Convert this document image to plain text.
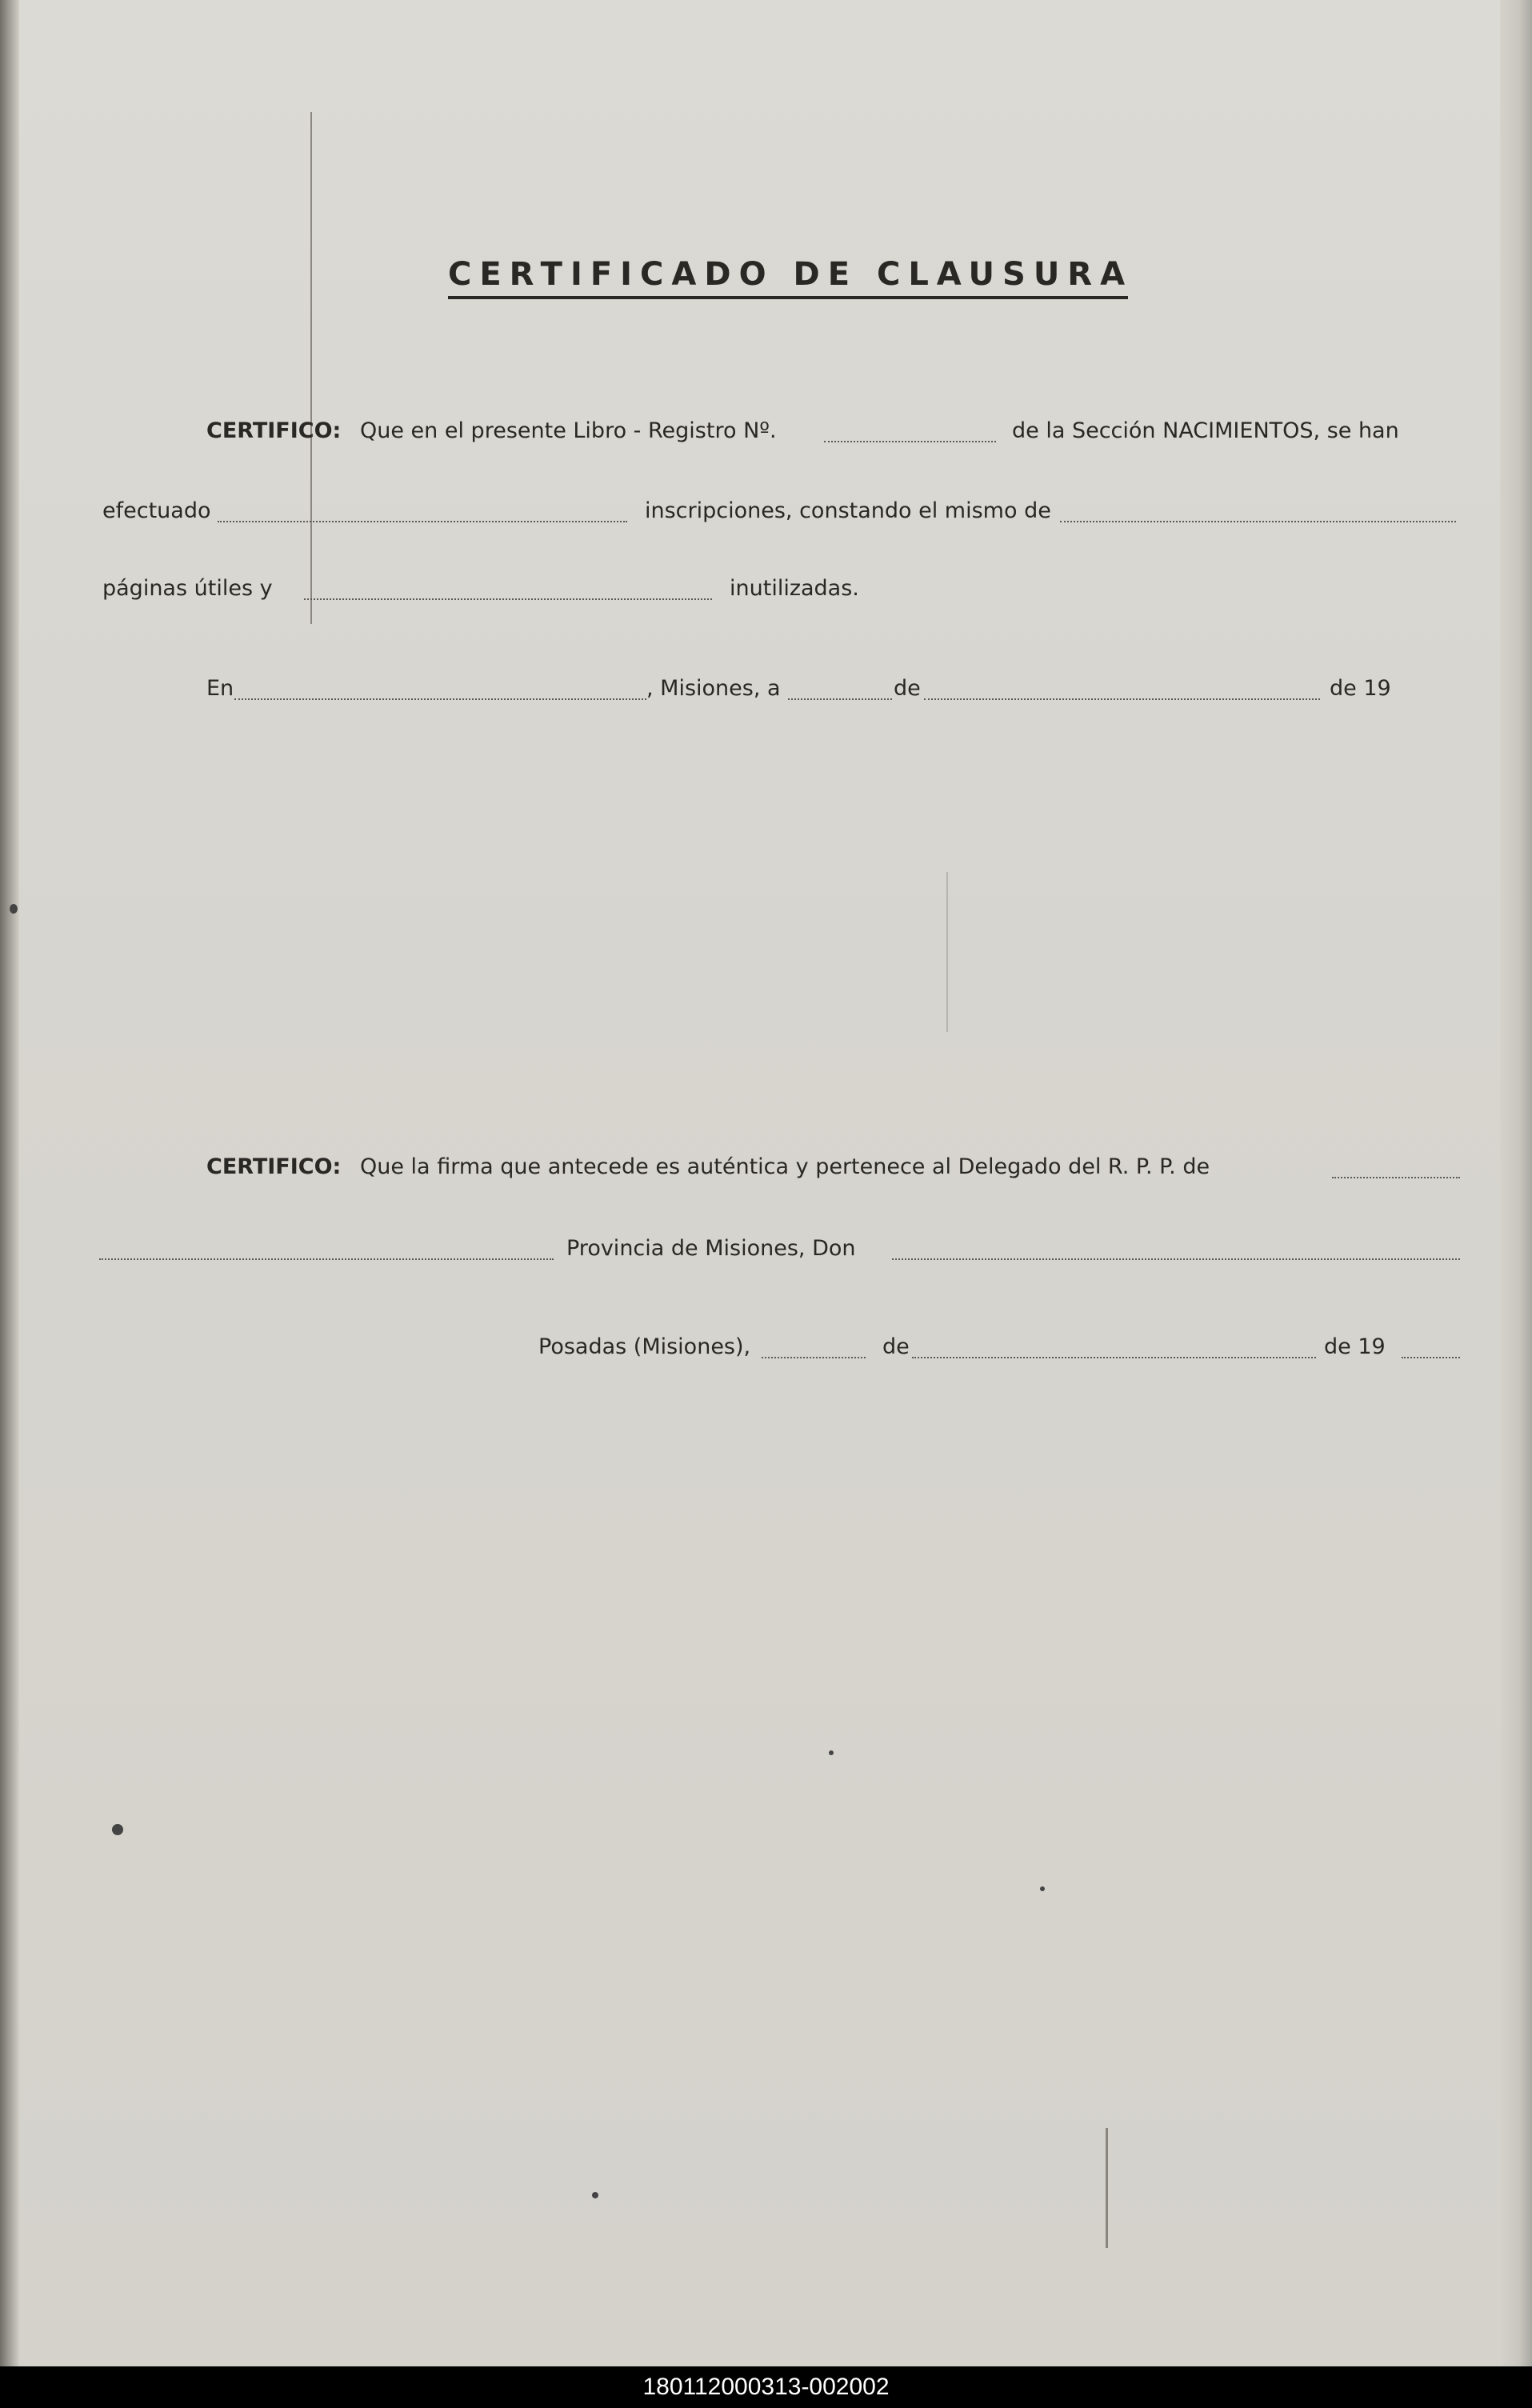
CERTIFICADO DE CLAUSURA
CERTIFICO: Que en el presente Libro - Registro Nº.	de la Sección NACIMIENTOS, se han
efectuado	inscripciones, constando el mismo de
páginas útiles y	inutilizadas.
En	, Misiones, a	de	de 19
CERTIFICO: Que la firma que antecede es auténtica y pertenece al Delegado del R. P. P. de
Provincia de Misiones, Don
Posadas (Misiones),	de	de 19
180112000313-002002
